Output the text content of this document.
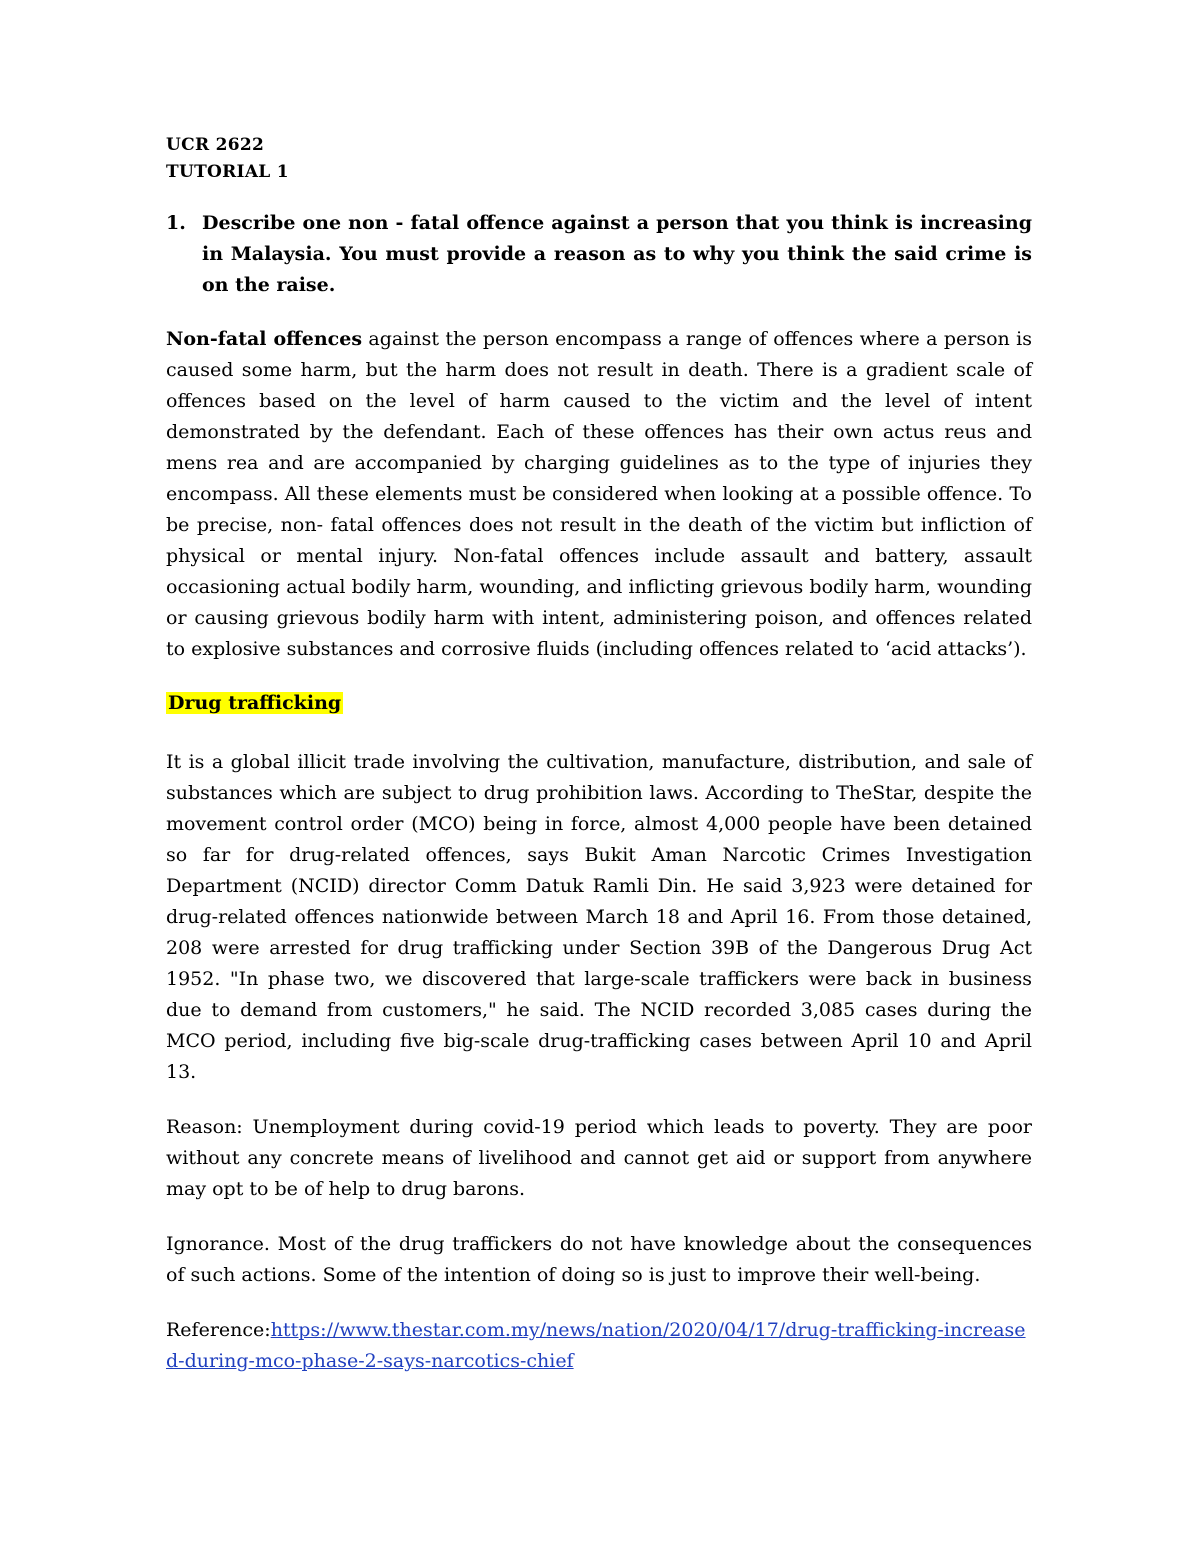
UCR 2622
TUTORIAL 1
1. Describe one non - fatal offence against a person that you think is increasing in Malaysia. You must provide a reason as to why you think the said crime is on the raise.

Non-fatal offences against the person encompass a range of offences where a person is caused some harm, but the harm does not result in death. There is a gradient scale of offences based on the level of harm caused to the victim and the level of intent demonstrated by the defendant. Each of these offences has their own actus reus and mens rea and are accompanied by charging guidelines as to the type of injuries they encompass. All these elements must be considered when looking at a possible offence. To be precise, non- fatal offences does not result in the death of the victim but infliction of physical or mental injury. Non-fatal offences include assault and battery, assault occasioning actual bodily harm, wounding, and inflicting grievous bodily harm, wounding or causing grievous bodily harm with intent, administering poison, and offences related to explosive substances and corrosive fluids (including offences related to ‘acid attacks’).

Drug trafficking

It is a global illicit trade involving the cultivation, manufacture, distribution, and sale of substances which are subject to drug prohibition laws. According to TheStar, despite the movement control order (MCO) being in force, almost 4,000 people have been detained so far for drug-related offences, says Bukit Aman Narcotic Crimes Investigation Department (NCID) director Comm Datuk Ramli Din. He said 3,923 were detained for drug-related offences nationwide between March 18 and April 16. From those detained, 208 were arrested for drug trafficking under Section 39B of the Dangerous Drug Act 1952. "In phase two, we discovered that large-scale traffickers were back in business due to demand from customers," he said. The NCID recorded 3,085 cases during the MCO period, including five big-scale drug-trafficking cases between April 10 and April 13.

Reason: Unemployment during covid-19 period which leads to poverty. They are poor without any concrete means of livelihood and cannot get aid or support from anywhere may opt to be of help to drug barons.

Ignorance. Most of the drug traffickers do not have knowledge about the consequences of such actions. Some of the intention of doing so is just to improve their well-being.

Reference:https://www.thestar.com.my/news/nation/2020/04/17/drug-trafficking-increased-during-mco-phase-2-says-narcotics-chief
